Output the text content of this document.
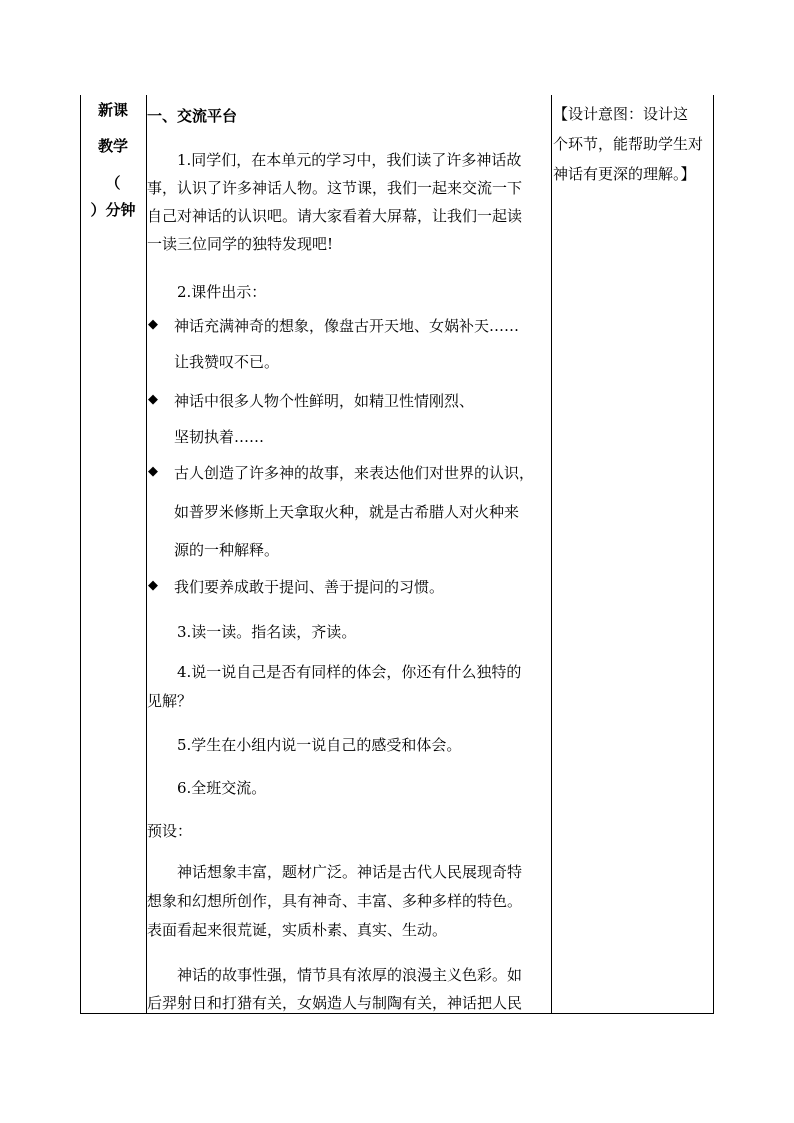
新课
教学
（
）分钟
一、交流平台
1.同学们，在本单元的学习中，我们读了许多神话故
事，认识了许多神话人物。这节课，我们一起来交流一下
自己对神话的认识吧。请大家看着大屏幕，让我们一起读
一读三位同学的独特发现吧!
2.课件出示：
◆ 神话充满神奇的想象，像盘古开天地、女娲补天……
让我赞叹不已。
◆ 神话中很多人物个性鲜明，如精卫性情刚烈、
坚韧执着……
◆ 古人创造了许多神的故事，来表达他们对世界的认识，
如普罗米修斯上天拿取火种，就是古希腊人对火种来
源的一种解释。
◆ 我们要养成敢于提问、善于提问的习惯。
3.读一读。指名读，齐读。
4.说一说自己是否有同样的体会，你还有什么独特的
见解？
5.学生在小组内说一说自己的感受和体会。
6.全班交流。
预设：
神话想象丰富，题材广泛。神话是古代人民展现奇特
想象和幻想所创作，具有神奇、丰富、多种多样的特色。
表面看起来很荒诞，实质朴素、真实、生动。
神话的故事性强，情节具有浓厚的浪漫主义色彩。如
后羿射日和打猎有关，女娲造人与制陶有关，神话把人民
【设计意图：设计这
个环节，能帮助学生对
神话有更深的理解。】
